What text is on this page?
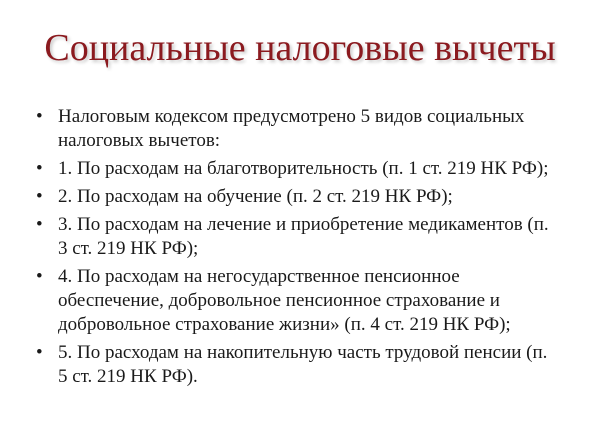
Социальные налоговые вычеты
• Налоговым кодексом предусмотрено 5 видов социальных налоговых вычетов:
• 1. По расходам на благотворительность (п. 1 ст. 219 НК РФ);
• 2. По расходам на обучение (п. 2 ст. 219 НК РФ);
• 3. По расходам на лечение и приобретение медикаментов (п. 3 ст. 219 НК РФ);
• 4. По расходам на негосударственное пенсионное обеспечение, добровольное пенсионное страхование и добровольное страхование жизни» (п. 4 ст. 219 НК РФ);
• 5. По расходам на накопительную часть трудовой пенсии (п. 5 ст. 219 НК РФ).
